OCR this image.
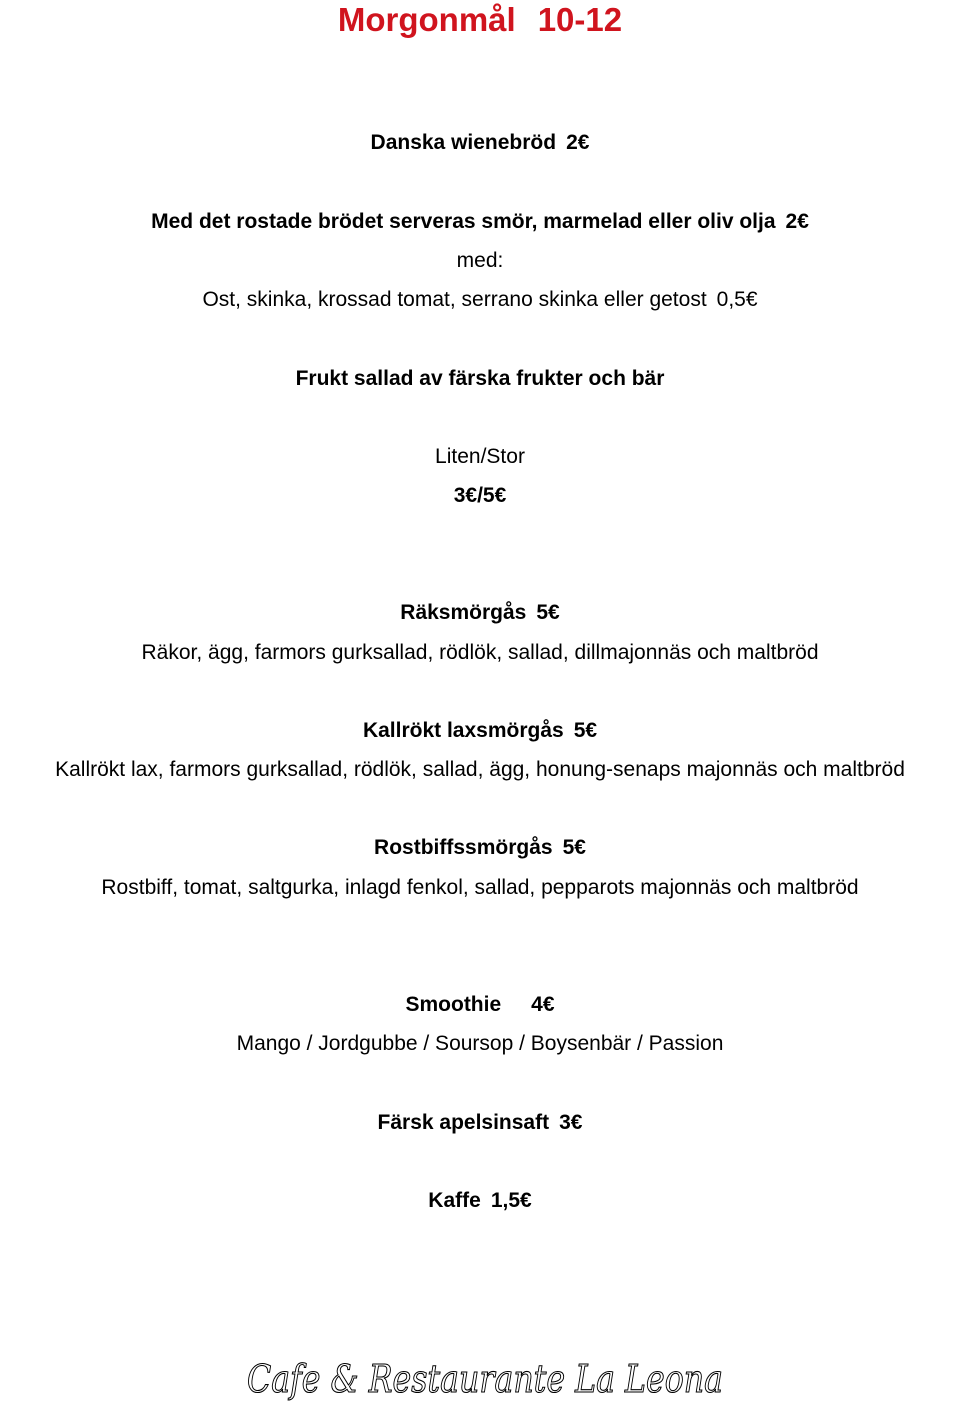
Morgonmål 10-12
Danska wienebröd 2€
Med det rostade brödet serveras smör, marmelad eller oliv olja 2€
med:
Ost, skinka, krossad tomat, serrano skinka eller getost 0,5€
Frukt sallad av färska frukter och bär
Liten/Stor
3€/5€
Räksmörgås 5€
Räkor, ägg, farmors gurksallad, rödlök, sallad, dillmajonnäs och maltbröd
Kallrökt laxsmörgås 5€
Kallrökt lax, farmors gurksallad, rödlök, sallad, ägg, honung-senaps majonnäs och maltbröd
Rostbiffssmörgås 5€
Rostbiff, tomat, saltgurka, inlagd fenkol, sallad, pepparots majonnäs och maltbröd
Smoothie 4€
Mango / Jordgubbe / Soursop / Boysenbär / Passion
Färsk apelsinsaft 3€
Kaffe 1,5€
Cafe & Restaurante La Leona
